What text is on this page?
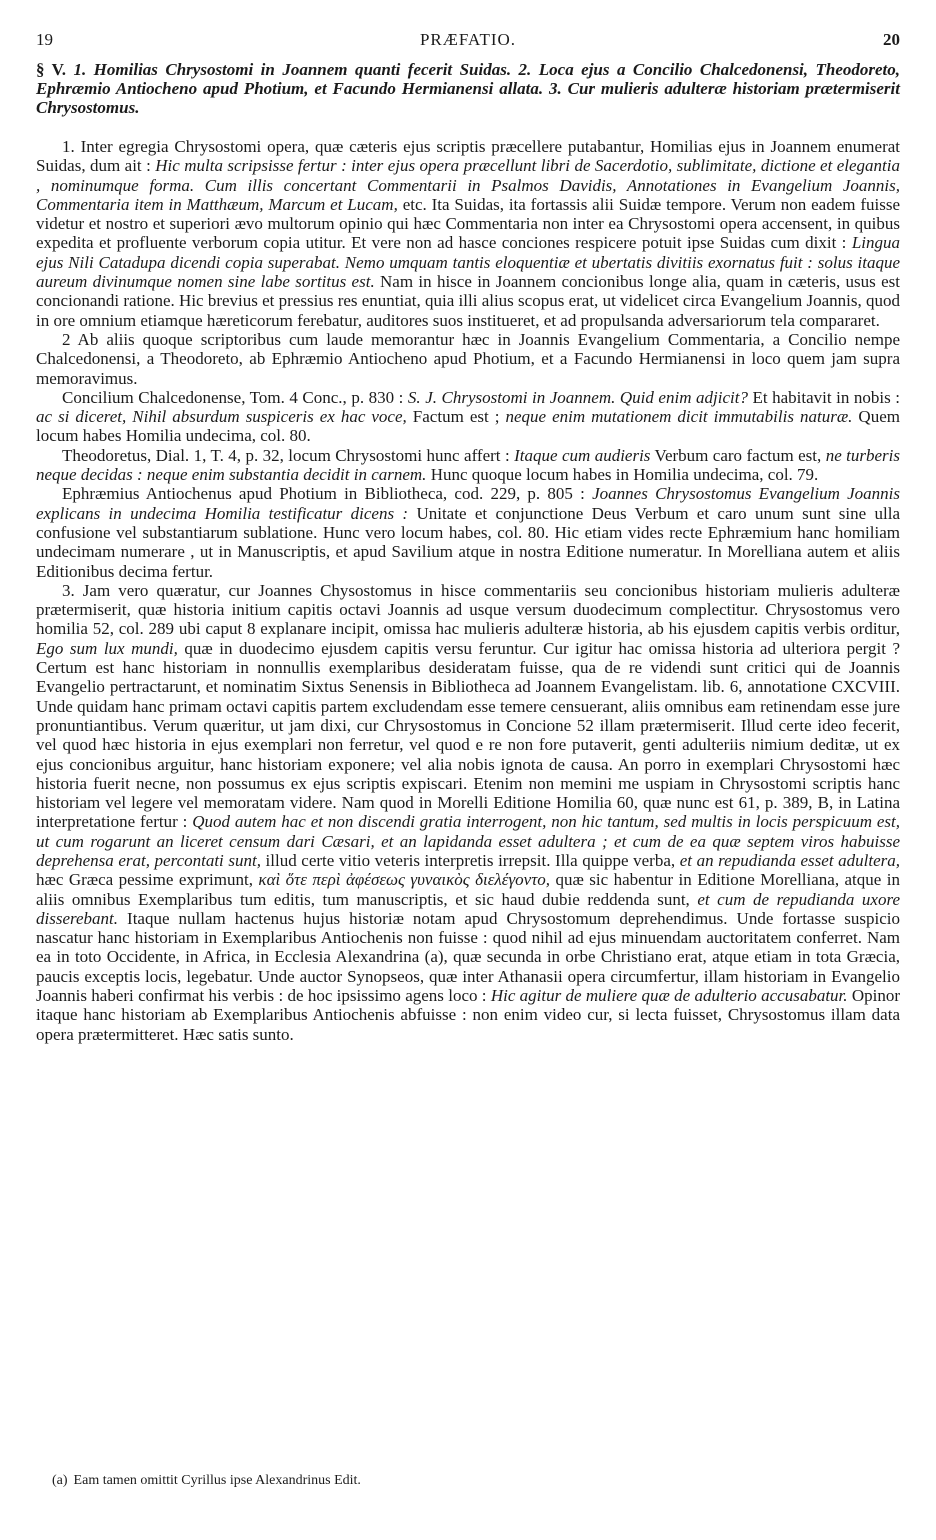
19	PRÆFATIO.	20
§ V. 1. Homilias Chrysostomi in Joannem quanti fecerit Suidas. 2. Loca ejus a Concilio Chalcedonensi, Theodoreto, Ephræmio Antiocheno apud Photium, et Facundo Hermianensi allata. 3. Cur mulieris adulteræ historiam prætermiserit Chrysostomus.

1. Inter egregia Chrysostomi opera, quæ cæteris ejus scriptis præcellere putabantur, Homilias ejus in Joannem enumerat Suidas, dum ait : Hic multa scripsisse fertur : inter ejus opera præcellunt libri de Sacerdotio, sublimitate, dictione et elegantia , nominumque forma. Cum illis concertant Commentarii in Psalmos Davidis, Annotationes in Evangelium Joannis, Commentaria item in Matthæum, Marcum et Lucam, etc. Ita Suidas, ita fortassis alii Suidæ tempore. Verum non eadem fuisse videtur et nostro et superiori ævo multorum opinio qui hæc Commentaria non inter ea Chrysostomi opera accensent, in quibus expedita et profluente verborum copia utitur. Et vere non ad hasce conciones respicere potuit ipse Suidas cum dixit : Lingua ejus Nili Catadupa dicendi copia superabat. Nemo umquam tantis eloquentiæ et ubertatis divitiis exornatus fuit : solus itaque aureum divinumque nomen sine labe sortitus est. Nam in hisce in Joannem concionibus longe alia, quam in cæteris, usus est concionandi ratione. Hic brevius et pressius res enuntiat, quia illi alius scopus erat, ut videlicet circa Evangelium Joannis, quod in ore omnium etiamque hæreticorum ferebatur, auditores suos institueret, et ad propulsanda adversariorum tela compararet.

2 Ab aliis quoque scriptoribus cum laude memorantur hæc in Joannis Evangelium Commentaria, a Concilio nempe Chalcedonensi, a Theodoreto, ab Ephræmio Antiocheno apud Photium, et a Facundo Hermianensi in loco quem jam supra memoravimus.

Concilium Chalcedonense, Tom. 4 Conc., p. 830 : S. J. Chrysostomi in Joannem. Quid enim adjicit? Et habitavit in nobis : ac si diceret, Nihil absurdum suspiceris ex hac voce, Factum est ; neque enim mutationem dicit immutabilis naturæ. Quem locum habes Homilia undecima, col. 80.

Theodoretus, Dial. 1, T. 4, p. 32, locum Chrysostomi hunc affert : Itaque cum audieris Verbum caro factum est, ne turberis neque decidas : neque enim substantia decidit in carnem. Hunc quoque locum habes in Homilia undecima, col. 79.

Ephræmius Antiochenus apud Photium in Bibliotheca, cod. 229, p. 805 : Joannes Chrysostomus Evangelium Joannis explicans in undecima Homilia testificatur dicens : Unitate et conjunctione Deus Verbum et caro unum sunt sine ulla confusione vel substantiarum sublatione. Hunc vero locum habes, col. 80. Hic etiam vides recte Ephræmium hanc homiliam undecimam numerare , ut in Manuscriptis, et apud Savilium atque in nostra Editione numeratur. In Morelliana autem et aliis Editionibus decima fertur.

3. Jam vero quæratur, cur Joannes Chysostomus in hisce commentariis seu concionibus historiam mulieris adulteræ prætermiserit, quæ historia initium capitis octavi Joannis ad usque versum duodecimum complectitur. Chrysostomus vero homilia 52, col. 289 ubi caput 8 explanare incipit, omissa hac mulieris adulteræ historia, ab his ejusdem capitis verbis orditur, Ego sum lux mundi, quæ in duodecimo ejusdem capitis versu feruntur. Cur igitur hac omissa historia ad ulteriora pergit ? Certum est hanc historiam in nonnullis exemplaribus desideratam fuisse, qua de re videndi sunt critici qui de Joannis Evangelio pertractarunt, et nominatim Sixtus Senensis in Bibliotheca ad Joannem Evangelistam. lib. 6, annotatione CXCVIII. Unde quidam hanc primam octavi capitis partem excludendam esse temere censuerant, aliis omnibus eam retinendam esse jure pronuntiantibus. Verum quæritur, ut jam dixi, cur Chrysostomus in Concione 52 illam prætermiserit. Illud certe ideo fecerit, vel quod hæc historia in ejus exemplari non ferretur, vel quod e re non fore putaverit, genti adulteriis nimium deditæ, ut ex ejus concionibus arguitur, hanc historiam exponere; vel alia nobis ignota de causa. An porro in exemplari Chrysostomi hæc historia fuerit necne, non possumus ex ejus scriptis expiscari. Etenim non memini me uspiam in Chrysostomi scriptis hanc historiam vel legere vel memoratam videre. Nam quod in Morelli Editione Homilia 60, quæ nunc est 61, p. 389, B, in Latina interpretatione fertur : Quod autem hac et non discendi gratia interrogent, non hic tantum, sed multis in locis perspicuum est, ut cum rogarunt an liceret censum dari Cæsari, et an lapidanda esset adultera ; et cum de ea quæ septem viros habuisse deprehensa erat, percontati sunt, illud certe vitio veteris interpretis irrepsit. Illa quippe verba, et an repudianda esset adultera, hæc Græca pessime exprimunt, καὶ ὅτε περὶ ἀφέσεως γυναικὸς διελέγοντο, quæ sic habentur in Editione Morelliana, atque in aliis omnibus Exemplaribus tum editis, tum manuscriptis, et sic haud dubie reddenda sunt, et cum de repudianda uxore disserebant. Itaque nullam hactenus hujus historiæ notam apud Chrysostomum deprehendimus. Unde fortasse suspicio nascatur hanc historiam in Exemplaribus Antiochenis non fuisse : quod nihil ad ejus minuendam auctoritatem conferret. Nam ea in toto Occidente, in Africa, in Ecclesia Alexandrina (a), quæ secunda in orbe Christiano erat, atque etiam in tota Græcia, paucis exceptis locis, legebatur. Unde auctor Synopseos, quæ inter Athanasii opera circumfertur, illam historiam in Evangelio Joannis haberi confirmat his verbis : de hoc ipsissimo agens loco : Hic agitur de muliere quæ de adulterio accusabatur. Opinor itaque hanc historiam ab Exemplaribus Antiochenis abfuisse : non enim video cur, si lecta fuisset, Chrysostomus illam data opera prætermitteret. Hæc satis sunto.

(a) Eam tamen omittit Cyrillus ipse Alexandrinus Edit.
